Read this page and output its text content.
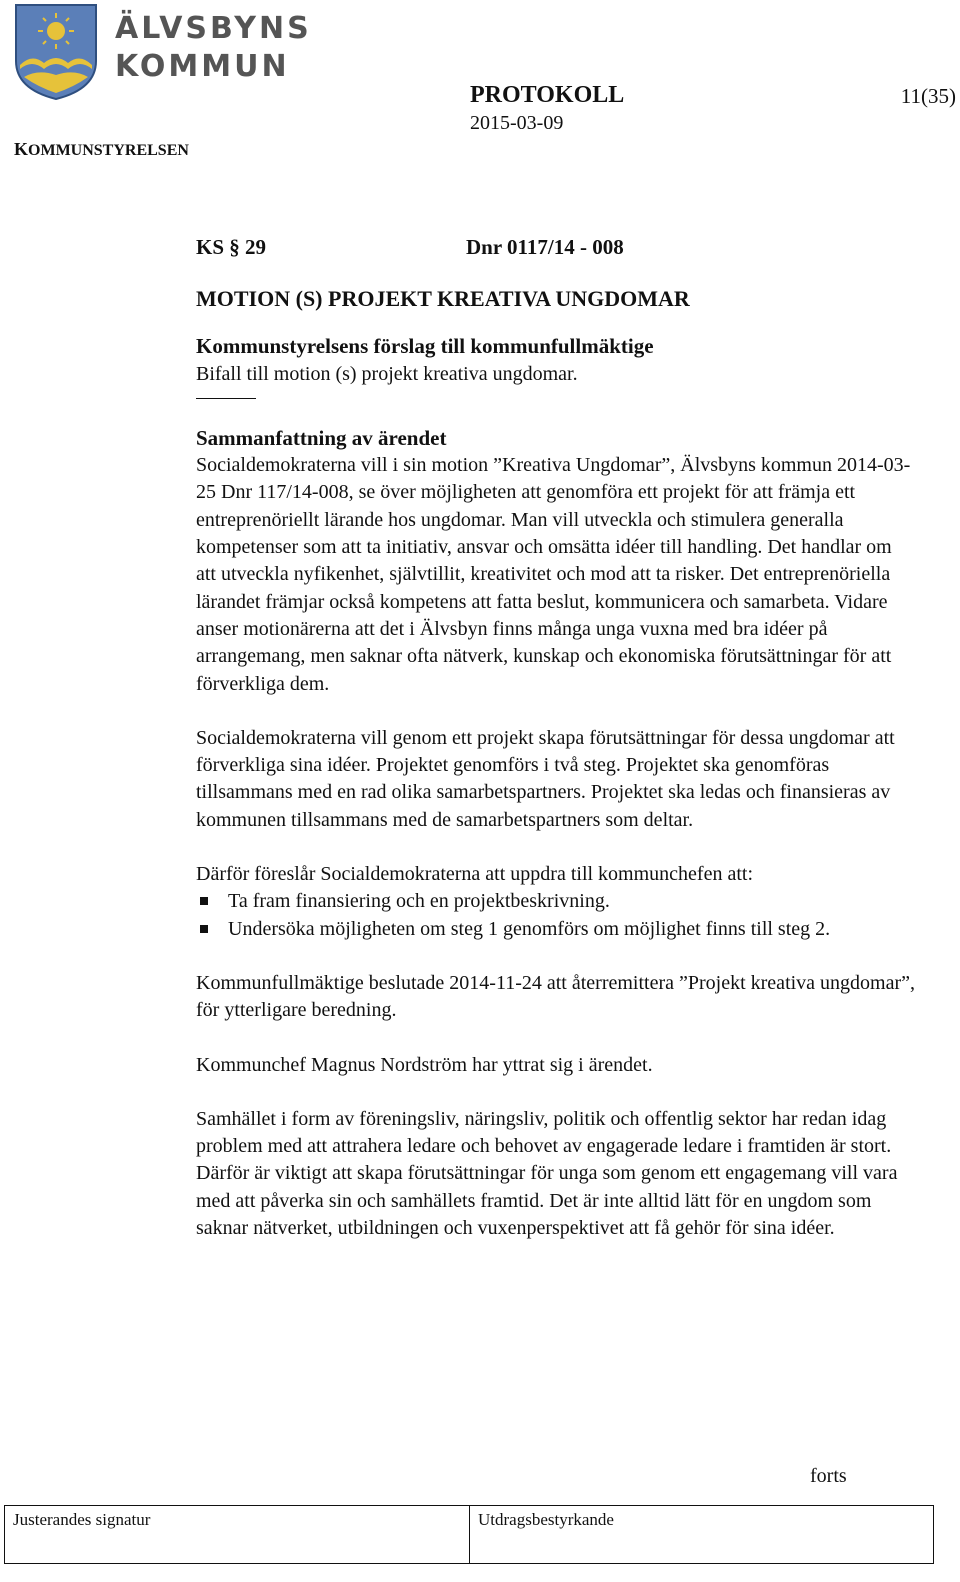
ÄLVSBYNS
KOMMUN
KOMMUNSTYRELSEN
PROTOKOLL
2015-03-09
11(35)
KS § 29	Dnr 0117/14 - 008
MOTION (S) PROJEKT KREATIVA UNGDOMAR
Kommunstyrelsens förslag till kommunfullmäktige

Bifall till motion (s) projekt kreativa ungdomar.

Sammanfattning av ärendet

Socialdemokraterna vill i sin motion ”Kreativa Ungdomar”, Älvsbyns kommun 2014-03-25 Dnr 117/14-008, se över möjligheten att genomföra ett projekt för att främja ett entreprenöriellt lärande hos ungdomar. Man vill utveckla och stimulera generalla kompetenser som att ta initiativ, ansvar och omsätta idéer till handling. Det handlar om att utveckla nyfikenhet, självtillit, kreativitet och mod att ta risker. Det entreprenöriella lärandet främjar också kompetens att fatta beslut, kommunicera och samarbeta. Vidare anser motionärerna att det i Älvsbyn finns många unga vuxna med bra idéer på arrangemang, men saknar ofta nätverk, kunskap och ekonomiska förutsättningar för att förverkliga dem.

Socialdemokraterna vill genom ett projekt skapa förutsättningar för dessa ungdomar att förverkliga sina idéer. Projektet genomförs i två steg. Projektet ska genomföras tillsammans med en rad olika samarbetspartners. Projektet ska ledas och finansieras av kommunen tillsammans med de samarbetspartners som deltar.

Därför föreslår Socialdemokraterna att uppdra till kommunchefen att:

Ta fram finansiering och en projektbeskrivning.
Undersöka möjligheten om steg 1 genomförs om möjlighet finns till steg 2.

Kommunfullmäktige beslutade 2014-11-24 att återremittera ”Projekt kreativa ungdomar”, för ytterligare beredning.

Kommunchef Magnus Nordström har yttrat sig i ärendet.

Samhället i form av föreningsliv, näringsliv, politik och offentlig sektor har redan idag problem med att attrahera ledare och behovet av engagerade ledare i framtiden är stort. Därför är viktigt att skapa förutsättningar för unga som genom ett engagemang vill vara med att påverka sin och samhällets framtid. Det är inte alltid lätt för en ungdom som saknar nätverket, utbildningen och vuxenperspektivet att få gehör för sina idéer.

forts
Justerandes signatur	Utdragsbestyrkande
